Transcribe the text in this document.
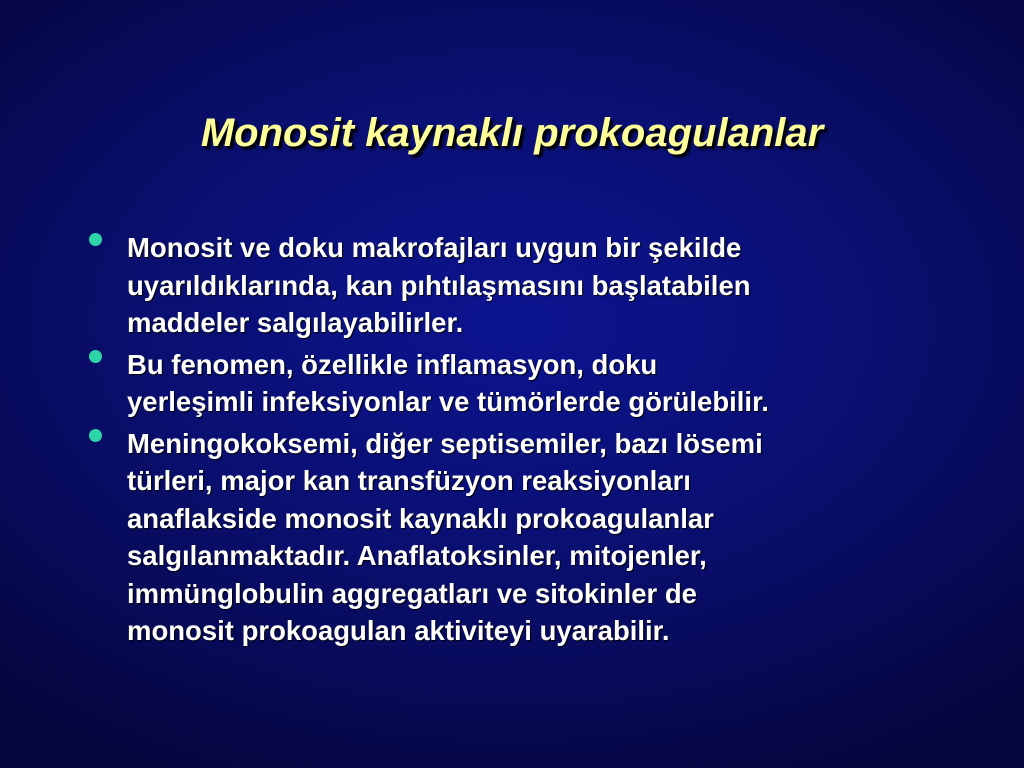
Monosit kaynaklı prokoagulanlar
Monosit ve doku makrofajları uygun bir şekilde
uyarıldıklarında, kan pıhtılaşmasını başlatabilen
maddeler salgılayabilirler.
Bu fenomen, özellikle inflamasyon, doku
yerleşimli infeksiyonlar ve tümörlerde görülebilir.
Meningokoksemi, diğer septisemiler, bazı lösemi
türleri, major kan transfüzyon reaksiyonları
anaflakside monosit kaynaklı prokoagulanlar
salgılanmaktadır. Anaflatoksinler, mitojenler,
immünglobulin aggregatları ve sitokinler de
monosit prokoagulan aktiviteyi uyarabilir.
